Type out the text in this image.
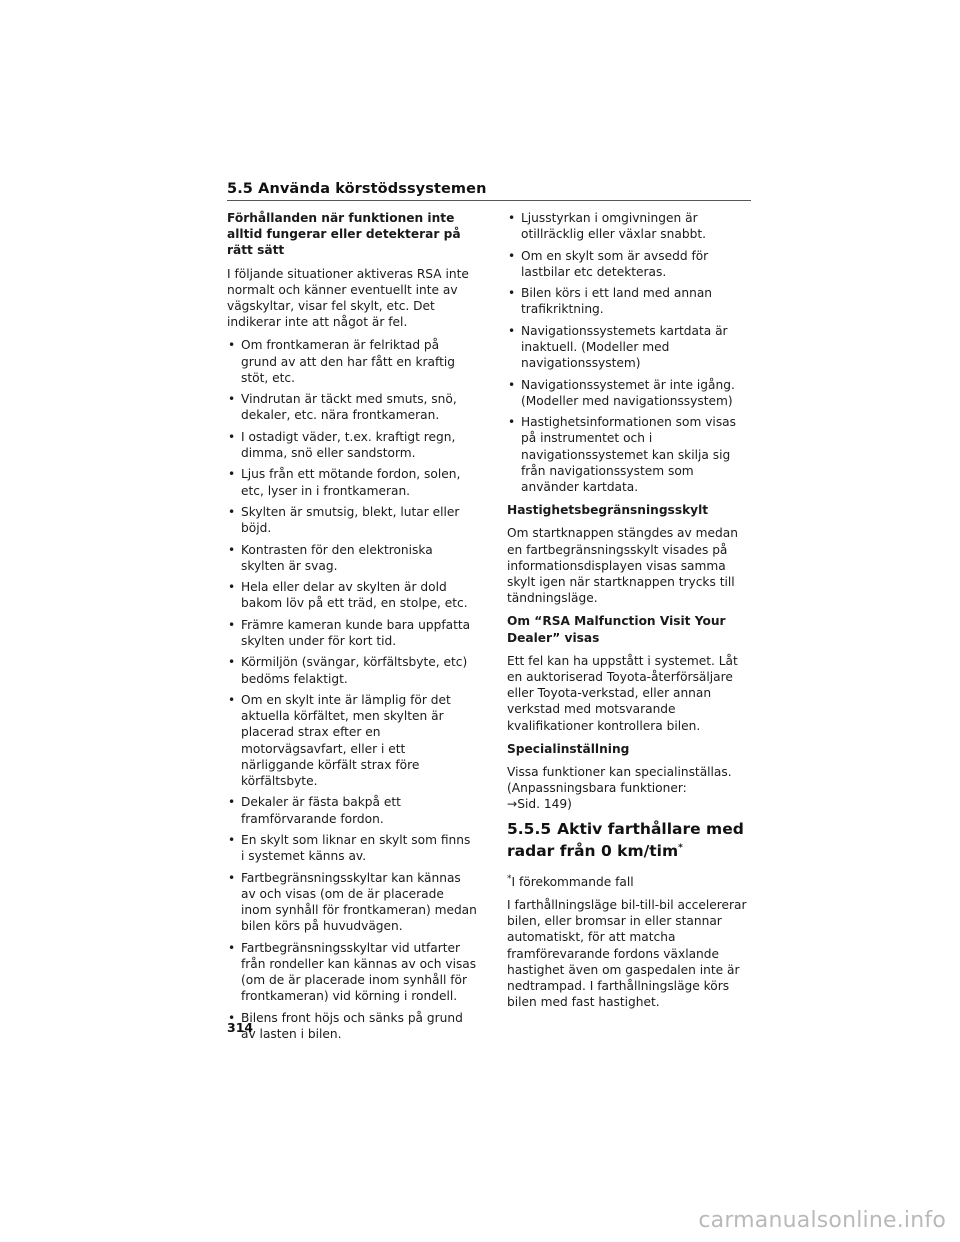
5.5 Använda körstödssystemen
Förhållanden när funktionen inte alltid fungerar eller detekterar på rätt sätt
I följande situationer aktiveras RSA inte normalt och känner eventuellt inte av vägskyltar, visar fel skylt, etc. Det indikerar inte att något är fel.
• Om frontkameran är felriktad på grund av att den har fått en kraftig stöt, etc.
• Vindrutan är täckt med smuts, snö, dekaler, etc. nära frontkameran.
• I ostadigt väder, t.ex. kraftigt regn, dimma, snö eller sandstorm.
• Ljus från ett mötande fordon, solen, etc, lyser in i frontkameran.
• Skylten är smutsig, blekt, lutar eller böjd.
• Kontrasten för den elektroniska skylten är svag.
• Hela eller delar av skylten är dold bakom löv på ett träd, en stolpe, etc.
• Främre kameran kunde bara uppfatta skylten under för kort tid.
• Körmiljön (svängar, körfältsbyte, etc) bedöms felaktigt.
• Om en skylt inte är lämplig för det aktuella körfältet, men skylten är placerad strax efter en motorvägsavfart, eller i ett närliggande körfält strax före körfältsbyte.
• Dekaler är fästa bakpå ett framförvarande fordon.
• En skylt som liknar en skylt som finns i systemet känns av.
• Fartbegränsningsskyltar kan kännas av och visas (om de är placerade inom synhåll för frontkameran) medan bilen körs på huvudvägen.
• Fartbegränsningsskyltar vid utfarter från rondeller kan kännas av och visas (om de är placerade inom synhåll för frontkameran) vid körning i rondell.
• Bilens front höjs och sänks på grund av lasten i bilen.
• Ljusstyrkan i omgivningen är otillräcklig eller växlar snabbt.
• Om en skylt som är avsedd för lastbilar etc detekteras.
• Bilen körs i ett land med annan trafikriktning.
• Navigationssystemets kartdata är inaktuell. (Modeller med navigationssystem)
• Navigationssystemet är inte igång. (Modeller med navigationssystem)
• Hastighetsinformationen som visas på instrumentet och i navigationssystemet kan skilja sig från navigationssystem som använder kartdata.
Hastighetsbegränsningsskylt
Om startknappen stängdes av medan en fartbegränsningsskylt visades på informationsdisplayen visas samma skylt igen när startknappen trycks till tändningsläge.
Om “RSA Malfunction Visit Your Dealer” visas
Ett fel kan ha uppstått i systemet. Låt en auktoriserad Toyota-återförsäljare eller Toyota-verkstad, eller annan verkstad med motsvarande kvalifikationer kontrollera bilen.
Specialinställning
Vissa funktioner kan specialinställas. (Anpassningsbara funktioner:
→Sid. 149)
5.5.5 Aktiv farthållare med radar från 0 km/tim*
*I förekommande fall
I farthållningsläge bil-till-bil accelererar bilen, eller bromsar in eller stannar automatiskt, för att matcha framförevarande fordons växlande hastighet även om gaspedalen inte är nedtrampad. I farthållningsläge körs bilen med fast hastighet.
314
carmanualsonline.info
